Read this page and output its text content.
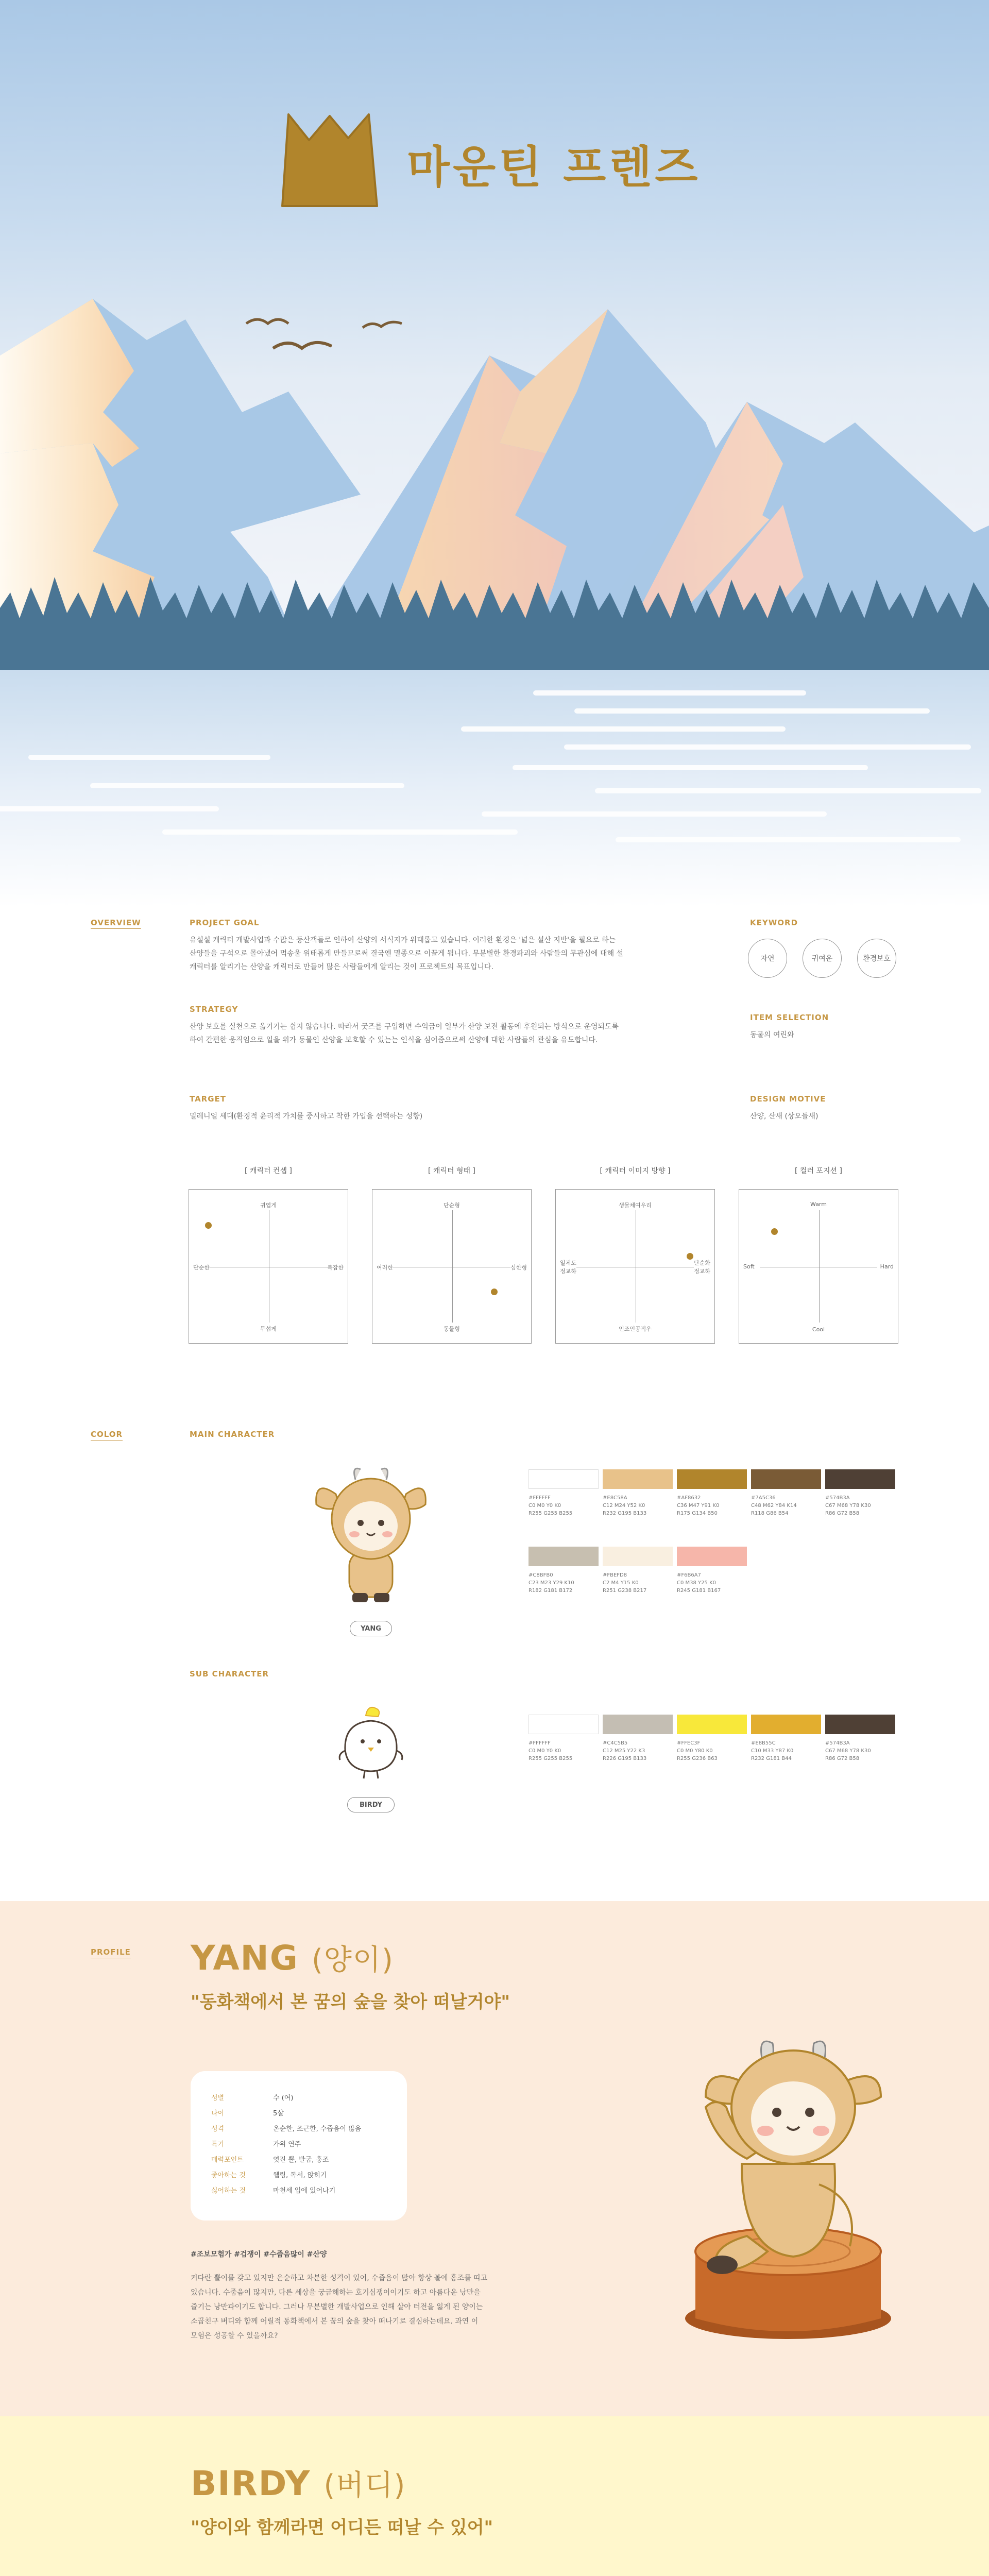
마운틴 프렌즈
OVERVIEW	PROJECT GOAL
유설설 캐릭터 개발사업과 수많은 등산객들로 인하여 산양의 서식지가 위태롭고 있습니다. 이러한 환경은 '넓은 설산 지반'을 필요로 하는
산양들을 구석으로 몰아냈어 먹송울 위태롭게 만들므로써 결국엔 멸종으로 이끌게 됩니다. 무분별한 환경파괴와 사람들의 무관심에 대해 설
캐릭터를 알리기는 산양을 캐릭터로 만들어 많은 사람들에게 알리는 것이 프로젝트의 목표입니다.
STRATEGY
산양 보호를 실천으로 옮기기는 쉽지 않습니다. 따라서 굿즈를 구입하면 수익금이 일부가 산양 보전 활동에 후원되는 방식으로 운영되도록
하여 간편한 움직임으로 일을 위가 동물인 산양을 보호할 수 있는는 인식을 심어줌으로써 산양에 대한 사람들의 관심을 유도합니다.
TARGET
밀레니얼 세대(환경적 윤리적 가치를 중시하고 착한 가입을 선택하는 성향)
KEYWORD
자연	귀여운	환경보호
ITEM SELECTION
동물의 여린와
DESIGN MOTIVE
산양, 산새 (상오들새)
[ 캐릭터 컨셉 ]
귀엽게
무섭게
단순한	복잡한
[ 캐릭터 형태 ]
단순형
동물형
여러한	심한형
[ 캐릭터 이미지 방향 ]
생물체여우리
인조인공적우
일체도
정교하
단순화
정교하
[ 컬러 포지션 ]
Warm
Cool
Soft	Hard
COLOR	MAIN CHARACTER
YANG
#FFFFFF
C0 M0 Y0 K0
R255 G255 B255
#E8C58A
C12 M24 Y52 K0
R232 G195 B133
#AF8632
C36 M47 Y91 K0
R175 G134 B50
#7A5C36
C48 M62 Y84 K14
R118 G86 B54
#574B3A
C67 M68 Y78 K30
R86 G72 B58
#C8BFB0
C23 M23 Y29 K10
R182 G181 B172
#FBEFD8
C2 M4 Y15 K0
R251 G238 B217
#F6B6A7
C0 M38 Y25 K0
R245 G181 B167
SUB CHARACTER
BIRDY
#FFFFFF
C0 M0 Y0 K0
R255 G255 B255
#C4C5B5
C12 M25 Y22 K3
R226 G195 B133
#FFEC3F
C0 M0 Y80 K0
R255 G236 B63
#E8B55C
C10 M33 Y87 K0
R232 G181 B44
#574B3A
C67 M68 Y78 K30
R86 G72 B58
PROFILE YANG (양이)
"동화책에서 본 꿈의 숲을 찾아 떠날거야"
성별	수 (여)
나이	5살
성격	온순한, 조근한, 수줍음이 많음
특기	가위 연주
매력포인트	엿진 뿔, 발굽, 홍조
좋아하는 것	웹링, 독서, 앉히기
싫어하는 것	마천세 입에 있어나기
#조보모험가 #겁쟁이 #수줍음많이 #산양
커다란 뿔이를 갖고 있지만 온순하고 차분한 성격이 있어, 수줍음이 많아 항상 볼에 홍조를 띠고
있습니다. 수줍음이 많지만, 다른 세상을 궁금해하는 호기심쟁이이기도 하고 아름다운 낭만을
즐기는 낭만파이기도 합니다. 그러나 무분별한 개발사업으로 인해 살아 터전을 잃게 된 양이는
소꿉친구 버디와 함께 어릴적 동화책에서 본 꿈의 숲을 찾아 떠나기로 결심하는데요. 과연 이
모험은 성공할 수 있을까요?
BIRDY (버디)
"양이와 함께라면 어디든 떠날 수 있어"
